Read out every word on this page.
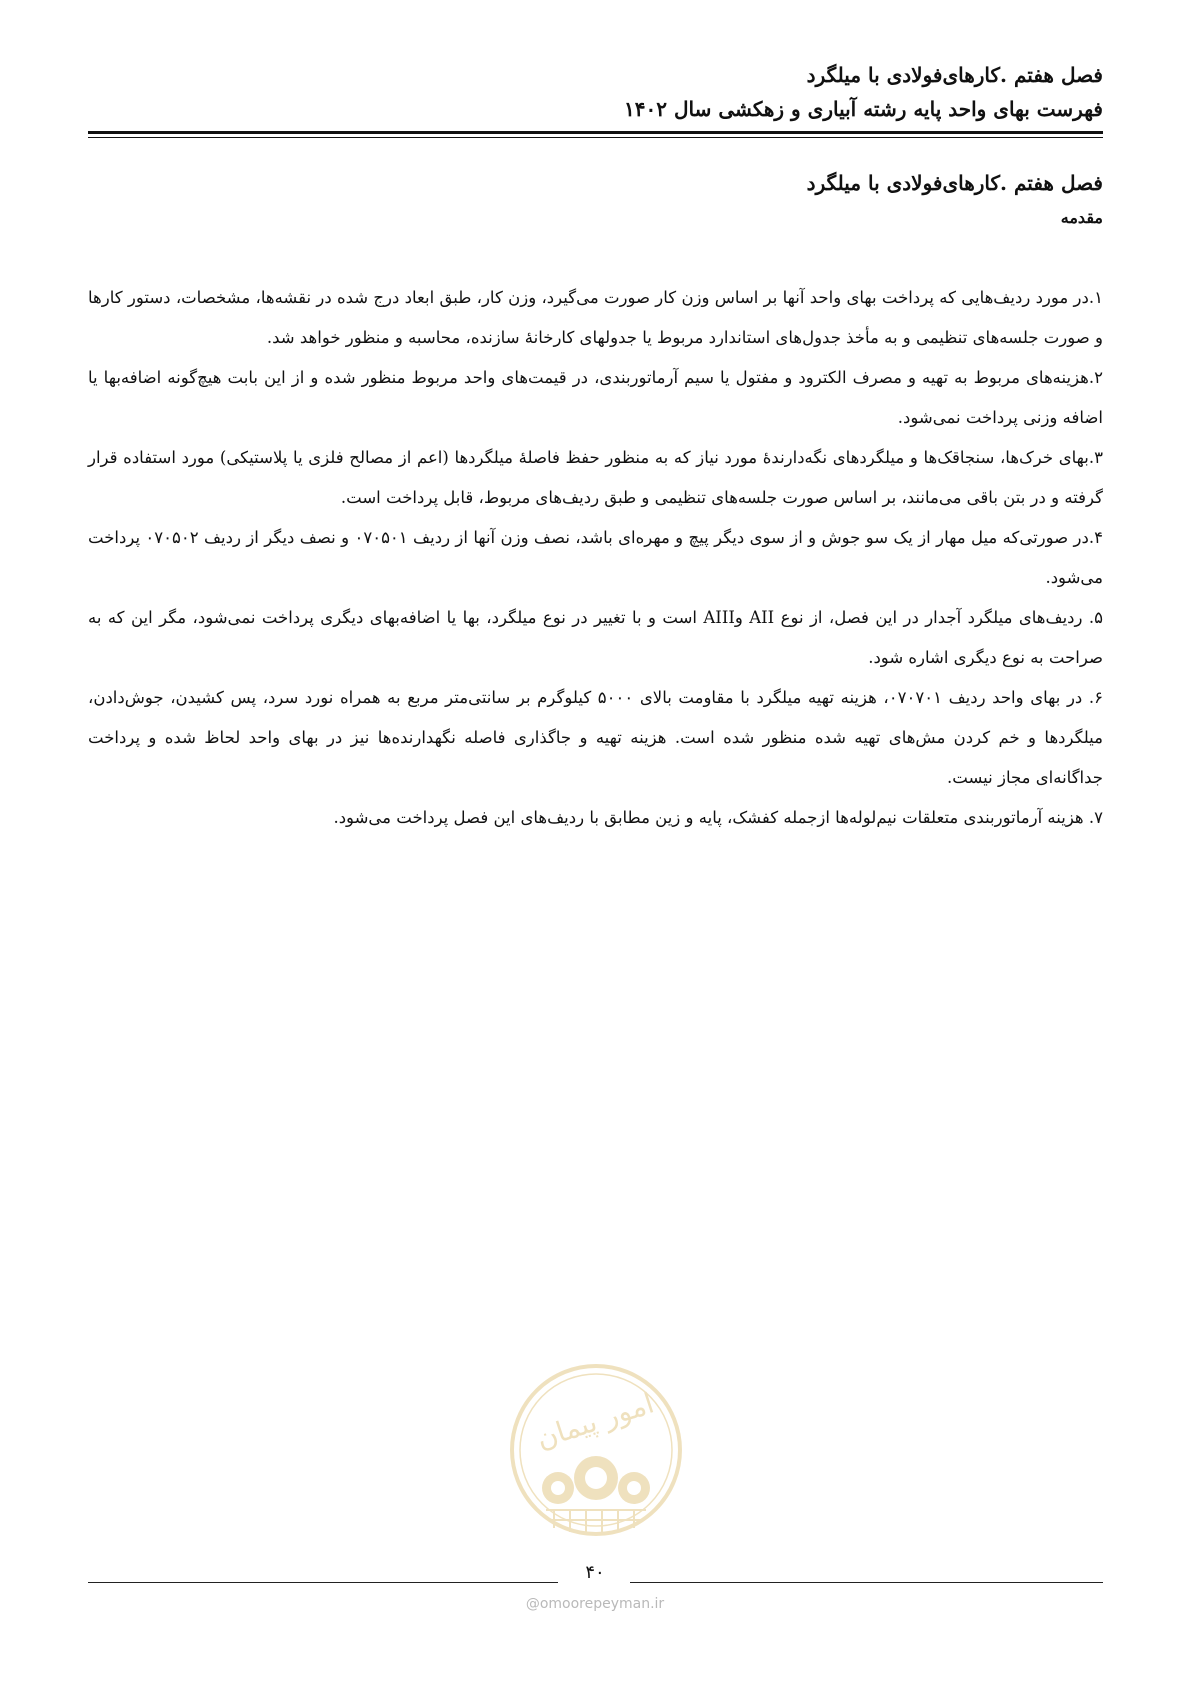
فصل هفتم .کارهای‌فولادی با میلگرد
فهرست بهای واحد پایه رشته آبیاری و زهکشی سال ۱۴۰۲
فصل هفتم .کارهای‌فولادی با میلگرد
مقدمه

۱.در مورد ردیف‌هایی که پرداخت بهای واحد آنها بر اساس وزن کار صورت می‌گیرد، وزن کار، طبق ابعاد درج شده در نقشه‌ها، مشخصات، دستور کارها و صورت جلسه‌های تنظیمی و به مأخذ جدول‌های استاندارد مربوط یا جدولهای کارخانهٔ سازنده، محاسبه و منظور خواهد شد.

۲.هزینه‌های مربوط به تهیه و مصرف الکترود و مفتول یا سیم آرماتوربندی، در قیمت‌های واحد مربوط منظور شده و از این بابت هیچ‌گونه اضافه‌بها یا اضافه وزنی پرداخت نمی‌شود.

۳.بهای خرک‌ها، سنجاقک‌ها و میلگردهای نگه‌دارندهٔ مورد نیاز که به منظور حفظ فاصلهٔ میلگردها (اعم از مصالح فلزی یا پلاستیکی) مورد استفاده قرار گرفته و در بتن باقی می‌مانند، بر اساس صورت جلسه‌های تنظیمی و طبق ردیف‌های مربوط، قابل پرداخت است.

۴.در صورتی‌که میل مهار از یک سو جوش و از سوی دیگر پیچ و مهره‌ای باشد، نصف وزن آنها از ردیف ۰۷۰۵۰۱ و نصف دیگر از ردیف ۰۷۰۵۰۲ پرداخت می‌شود.

۵. ردیف‌های میلگرد آجدار در این فصل، از نوع AII وAIII است و با تغییر در نوع میلگرد، بها یا اضافه‌بهای دیگری پرداخت نمی‌شود، مگر این که به صراحت به نوع دیگری اشاره شود.

۶. در بهای واحد ردیف ۰۷۰۷۰۱، هزینه تهیه میلگرد با مقاومت بالای ۵۰۰۰ کیلوگرم بر سانتی‌متر مربع به همراه نورد سرد، پس کشیدن، جوش‌دادن، میلگردها و خم کردن مش‌های تهیه شده منظور شده است. هزینه تهیه و جاگذاری فاصله نگهدارنده‌ها نیز در بهای واحد لحاظ شده و پرداخت جداگانه‌ای مجاز نیست.

۷. هزینه آرماتوربندی متعلقات نیم‌لوله‌ها ازجمله کفشک، پایه و زین مطابق با ردیف‌های این فصل پرداخت می‌شود.

امور پیمان
۴۰
@omoorepeyman.ir
